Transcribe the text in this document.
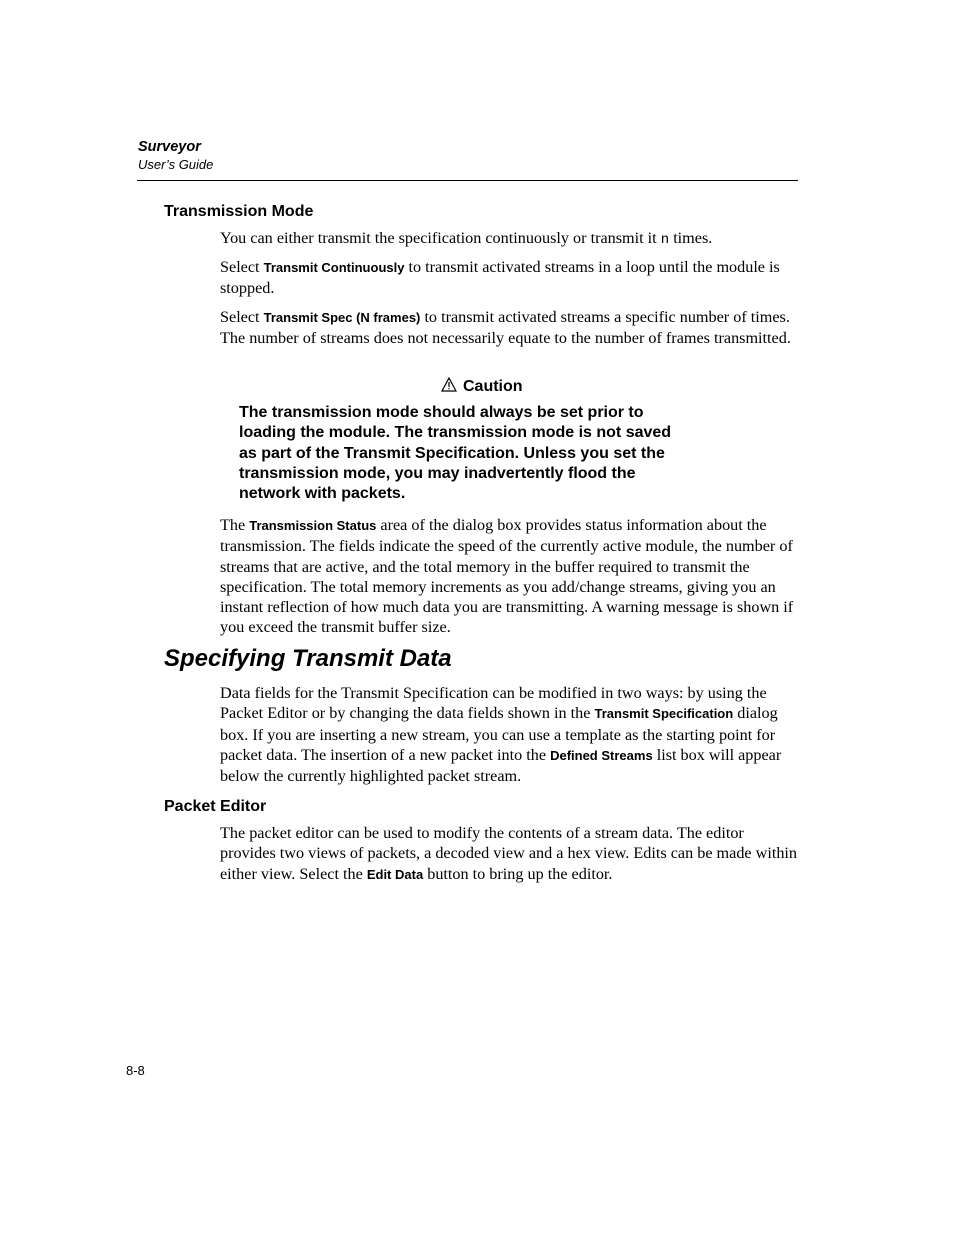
Surveyor
User’s Guide
Transmission Mode

You can either transmit the specification continuously or transmit it n times.

Select Transmit Continuously to transmit activated streams in a loop until the module is stopped.

Select Transmit Spec (N frames) to transmit activated streams a specific number of times. The number of streams does not necessarily equate to the number of frames transmitted.

Caution
The transmission mode should always be set prior to
loading the module. The transmission mode is not saved
as part of the Transmit Specification. Unless you set the
transmission mode, you may inadvertently flood the
network with packets.

The Transmission Status area of the dialog box provides status information about the transmission. The fields indicate the speed of the currently active module, the number of streams that are active, and the total memory in the buffer required to transmit the specification. The total memory increments as you add/change streams, giving you an instant reflection of how much data you are transmitting. A warning message is shown if you exceed the transmit buffer size.

Specifying Transmit Data

Data fields for the Transmit Specification can be modified in two ways: by using the Packet Editor or by changing the data fields shown in the Transmit Specification dialog box. If you are inserting a new stream, you can use a template as the starting point for packet data. The insertion of a new packet into the Defined Streams list box will appear below the currently highlighted packet stream.

Packet Editor

The packet editor can be used to modify the contents of a stream data. The editor provides two views of packets, a decoded view and a hex view. Edits can be made within either view. Select the Edit Data button to bring up the editor.

8-8
